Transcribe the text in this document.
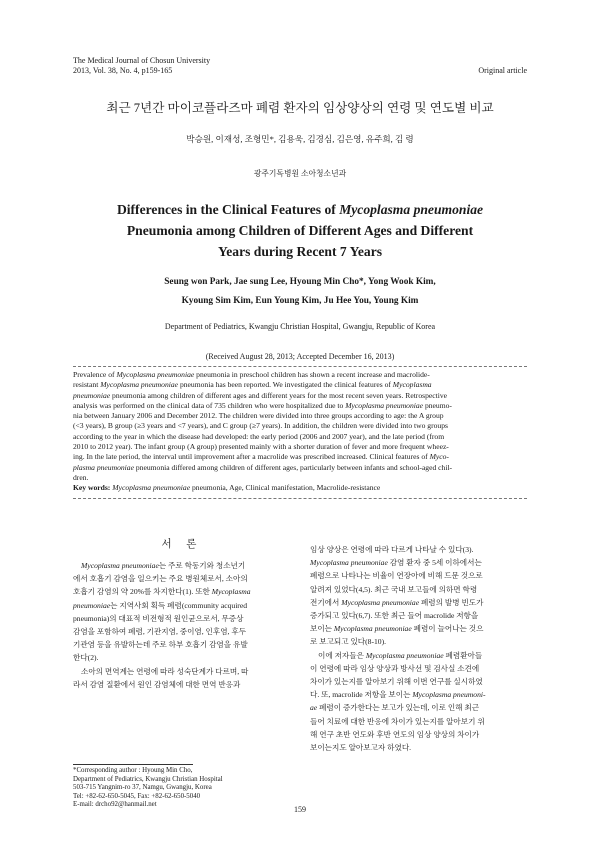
The Medical Journal of Chosun University
2013, Vol. 38, No. 4, p159-165	Original article
최근 7년간 마이코플라즈마 폐렴 환자의 임상양상의 연령 및 연도별 비교
박승원, 이재성, 조형민*, 김용욱, 김경심, 김은영, 유주희, 김 령
광주기독병원 소아청소년과
Differences in the Clinical Features of Mycoplasma pneumoniae
Pneumonia among Children of Different Ages and Different
Years during Recent 7 Years
Seung won Park, Jae sung Lee, Hyoung Min Cho*, Yong Wook Kim,
Kyoung Sim Kim, Eun Young Kim, Ju Hee You, Young Kim
Department of Pediatrics, Kwangju Christian Hospital, Gwangju, Republic of Korea
(Received August 28, 2013; Accepted December 16, 2013)
Prevalence of Mycoplasma pneumoniae pneumonia in preschool children has shown a recent increase and macrolide-
resistant Mycoplasma pneumoniae pneumonia has been reported. We investigated the clinical features of Mycoplasma
pneumoniae pneumonia among children of different ages and different years for the most recent seven years. Retrospective
analysis was performed on the clinical data of 735 children who were hospitalized due to Mycoplasma pneumoniae pneumo-
nia between January 2006 and December 2012. The children were divided into three groups according to age: the A group
(<3 years), B group (≥3 years and <7 years), and C group (≥7 years). In addition, the children were divided into two groups
according to the year in which the disease had developed: the early period (2006 and 2007 year), and the late period (from
2010 to 2012 year). The infant group (A group) presented mainly with a shorter duration of fever and more frequent wheez-
ing. In the late period, the interval until improvement after a macrolide was prescribed increased. Clinical features of Myco-
plasma pneumoniae pneumonia differed among children of different ages, particularly between infants and school-aged chil-
dren.
Key words: Mycoplasma pneumoniae pneumonia, Age, Clinical manifestation, Macrolide-resistance
서 론
Mycoplasma pneumoniae는 주로 학동기와 청소년기
에서 호흡기 감염을 일으키는 주요 병원체로서, 소아의
호흡기 감염의 약 20%를 차지한다(1). 또한 Mycoplasma
pneumoniae는 지역사회 획득 폐렴(community acquired
pneumonia)의 대표적 비전형적 원인균으로서, 무증상
감염을 포함하여 폐렴, 기관지염, 중이염, 인후염, 후두
기관염 등을 유발하는데 주로 하부 호흡기 감염을 유발
한다(2).
소아의 면역계는 연령에 따라 성숙단계가 다르며, 따
라서 감염 질환에서 원인 감염체에 대한 면역 반응과
*Corresponding author : Hyoung Min Cho,
Department of Pediatrics, Kwangju Christian Hospital
503-715 Yangnim-ro 37, Namgu, Gwangju, Korea
Tel: +82-62-650-5045, Fax: +82-62-650-5040
E-mail: drcho92@hanmail.net
임상 양상은 연령에 따라 다르게 나타날 수 있다(3).
Mycoplasma pneumoniae 감염 환자 중 5세 이하에서는
폐렴으로 나타나는 비율이 연장아에 비해 드문 것으로
알려져 있었다(4,5). 최근 국내 보고들에 의하면 학령
전기에서 Mycoplasma pneumoniae 폐렴의 발병 빈도가
증가되고 있다(6,7). 또한 최근 들어 macrolide 저항을
보이는 Mycoplasma pneumoniae 폐렴이 늘어나는 것으
로 보고되고 있다(8-10).
이에 저자들은 Mycoplasma pneumoniae 폐렴환아들
이 연령에 따라 임상 양상과 방사선 및 검사실 소견에
차이가 있는지를 알아보기 위해 이번 연구를 실시하였
다. 또, macrolide 저항을 보이는 Mycoplasma pneumoni-
ae 폐렴이 증가한다는 보고가 있는데, 이로 인해 최근
들어 치료에 대한 반응에 차이가 있는지를 알아보기 위
해 연구 초반 연도와 후반 연도의 임상 양상의 차이가
보이는지도 알아보고자 하였다.
159
